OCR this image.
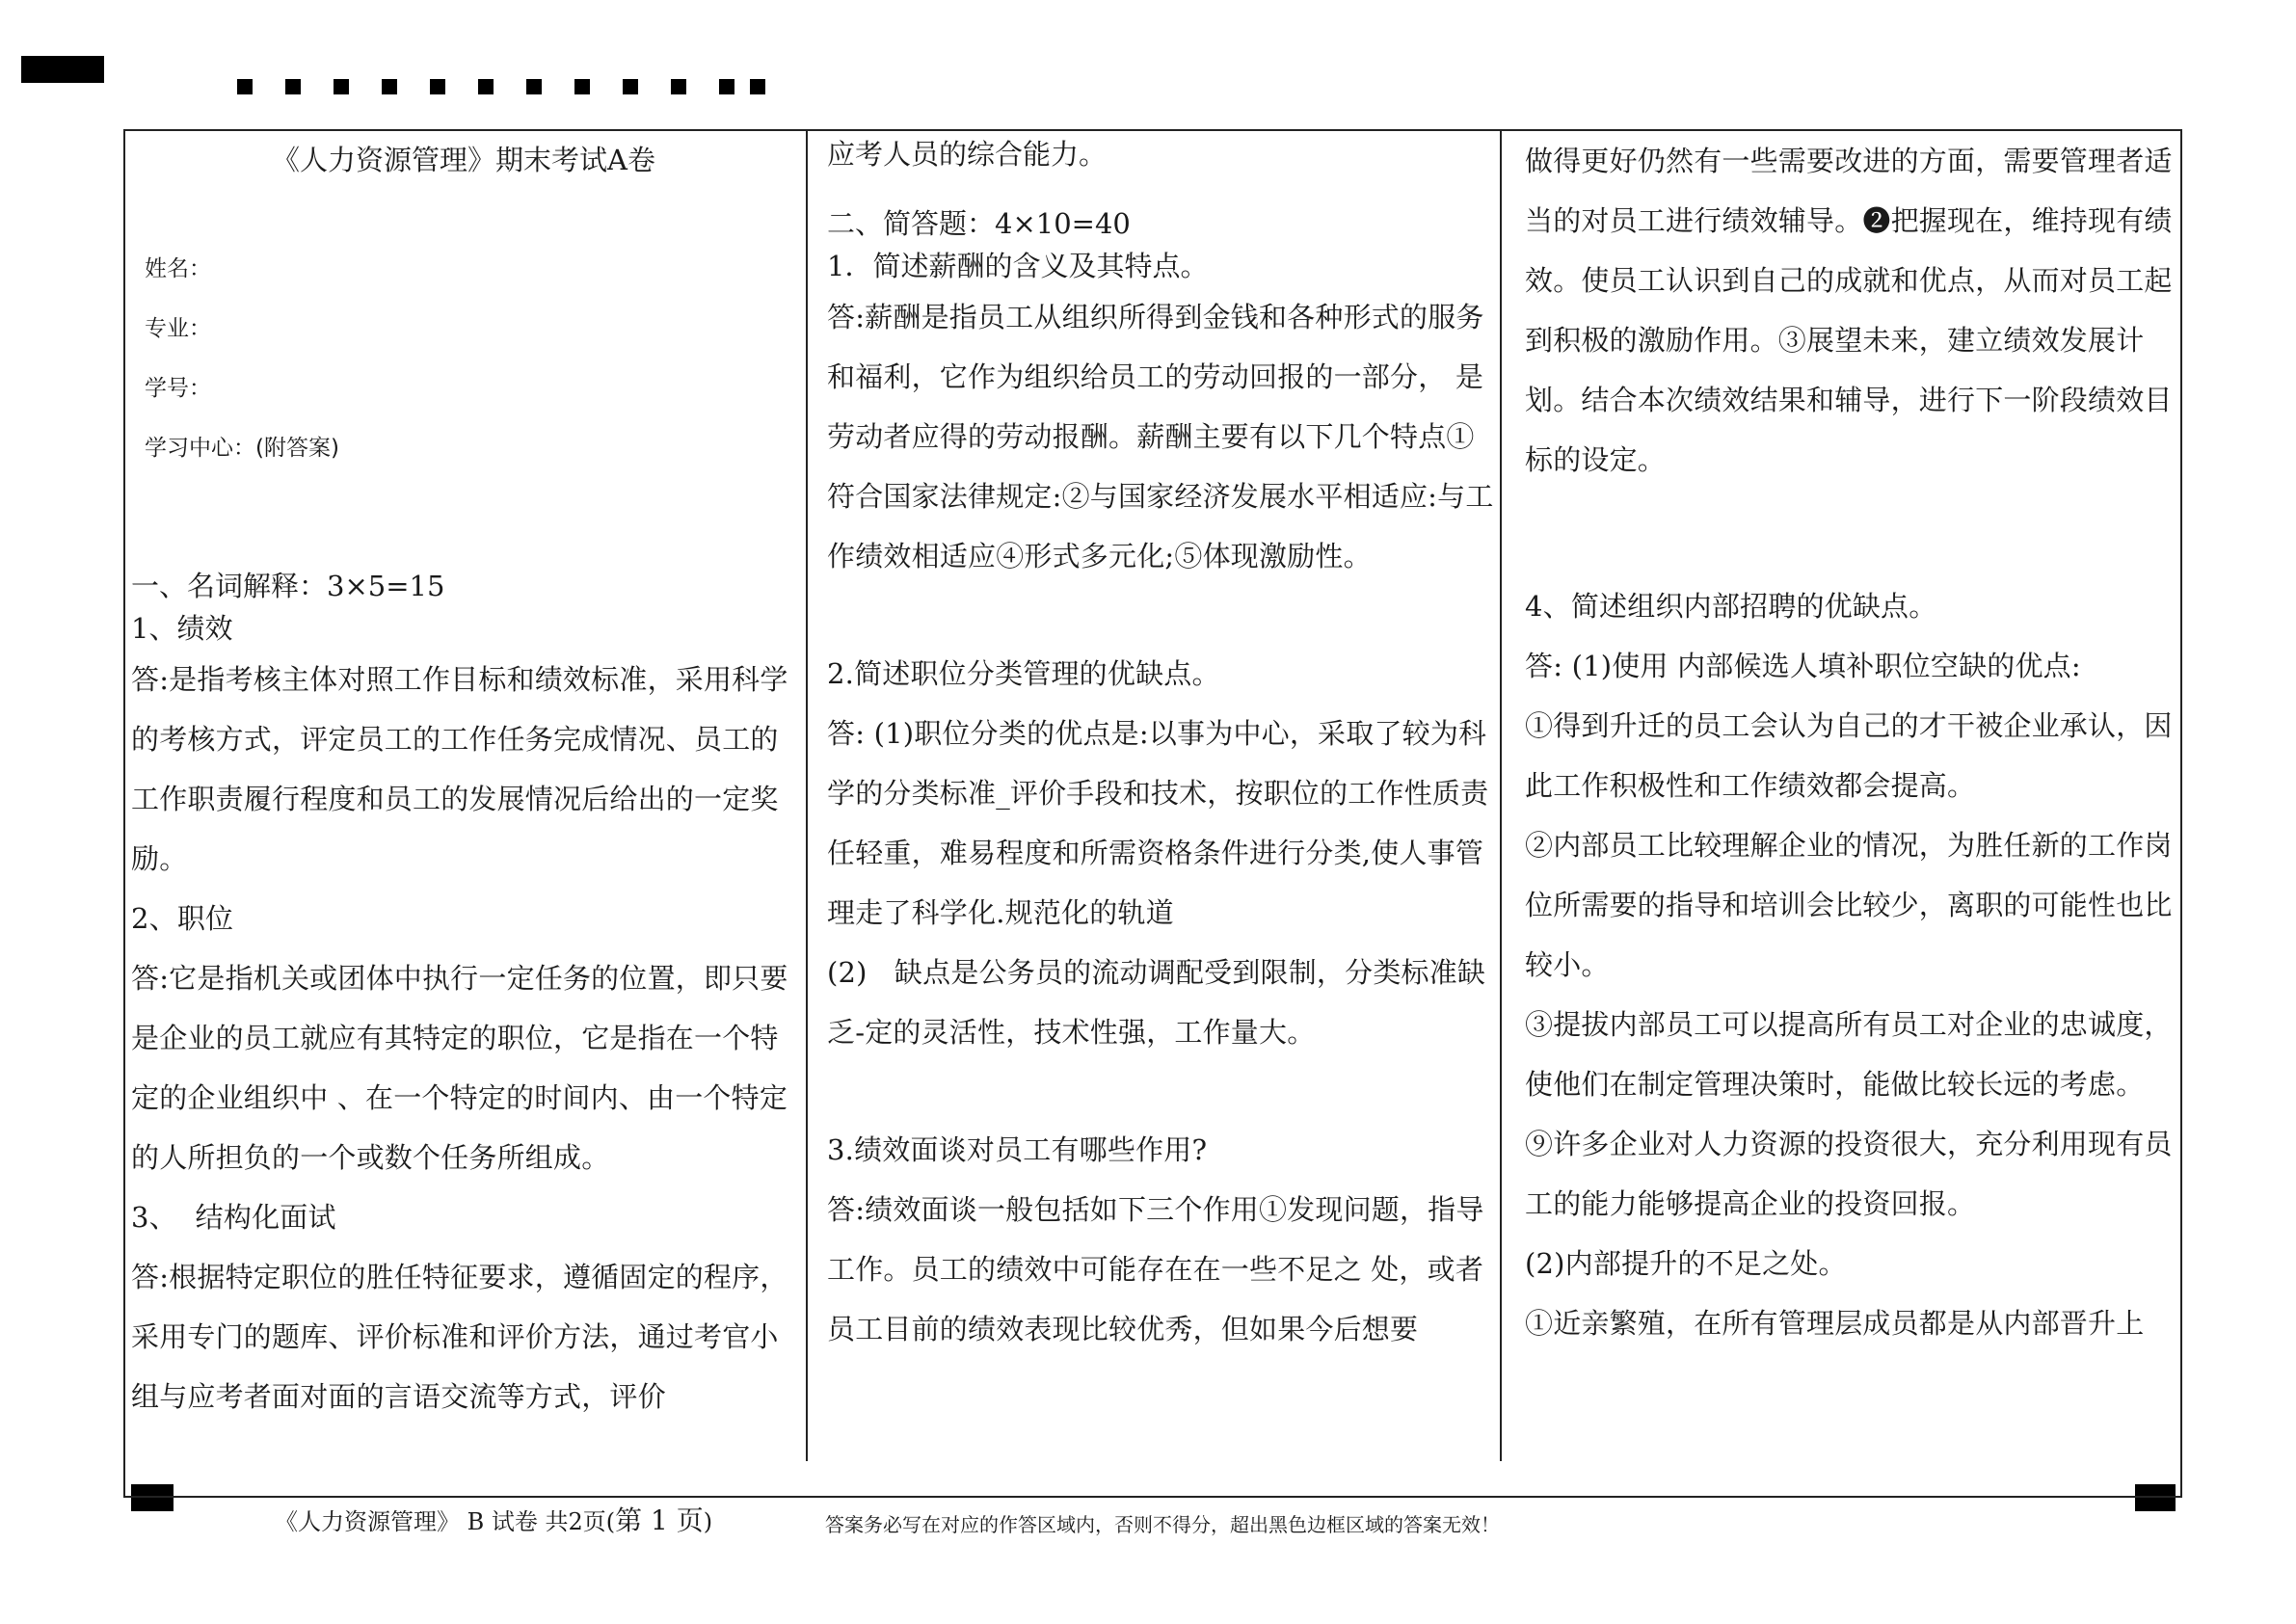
《人力资源管理》期末考试A卷
姓名：
专业：
学号：
学习中心：(附答案)
一、名词解释：3×5=15
1、绩效
答:是指考核主体对照工作目标和绩效标准，采用科学的考核方式，评定员工的工作任务完成情况、员工的工作职责履行程度和员工的发展情况后给出的一定奖励。
2、职位
答:它是指机关或团体中执行一定任务的位置，即只要是企业的员工就应有其特定的职位，它是指在一个特定的企业组织中 、在一个特定的时间内、由一个特定的人所担负的一个或数个任务所组成。
3、  结构化面试
答:根据特定职位的胜任特征要求，遵循固定的程序，采用专门的题库、评价标准和评价方法，通过考官小组与应考者面对面的言语交流等方式，评价
应考人员的综合能力。
二、简答题：4×10=40
1．简述薪酬的含义及其特点。
答:薪酬是指员工从组织所得到金钱和各种形式的服务和福利，它作为组织给员工的劳动回报的一部分， 是劳动者应得的劳动报酬。薪酬主要有以下几个特点①符合国家法律规定:②与国家经济发展水平相适应:与工作绩效相适应④形式多元化;⑤体现激励性。
2.简述职位分类管理的优缺点。
答: (1)职位分类的优点是:以事为中心，采取了较为科学的分类标准_评价手段和技术，按职位的工作性质责任轻重，难易程度和所需资格条件进行分类,使人事管理走了科学化.规范化的轨道
(2)   缺点是公务员的流动调配受到限制，分类标准缺乏-定的灵活性，技术性强，工作量大。
3.绩效面谈对员工有哪些作用?
答:绩效面谈一般包括如下三个作用①发现问题，指导工作。员工的绩效中可能存在在一些不足之 处，或者员工目前的绩效表现比较优秀，但如果今后想要
做得更好仍然有一些需要改进的方面，需要管理者适当的对员工进行绩效辅导。❷把握现在，维持现有绩效。使员工认识到自己的成就和优点，从而对员工起到积极的激励作用。③展望未来，建立绩效发展计划。结合本次绩效结果和辅导，进行下一阶段绩效目标的设定。
4、简述组织内部招聘的优缺点。
答: (1)使用 内部候选人填补职位空缺的优点:
①得到升迁的员工会认为自己的才干被企业承认，因此工作积极性和工作绩效都会提高。
②内部员工比较理解企业的情况，为胜任新的工作岗位所需要的指导和培训会比较少，离职的可能性也比较小。
③提拔内部员工可以提高所有员工对企业的忠诚度，使他们在制定管理决策时，能做比较长远的考虑。
⑨许多企业对人力资源的投资很大，充分利用现有员工的能力能够提高企业的投资回报。
(2)内部提升的不足之处。
①近亲繁殖，在所有管理层成员都是从内部晋升上
《人力资源管理》 B 试卷 共2页(第 1 页)	答案务必写在对应的作答区域内，否则不得分，超出黑色边框区域的答案无效！
